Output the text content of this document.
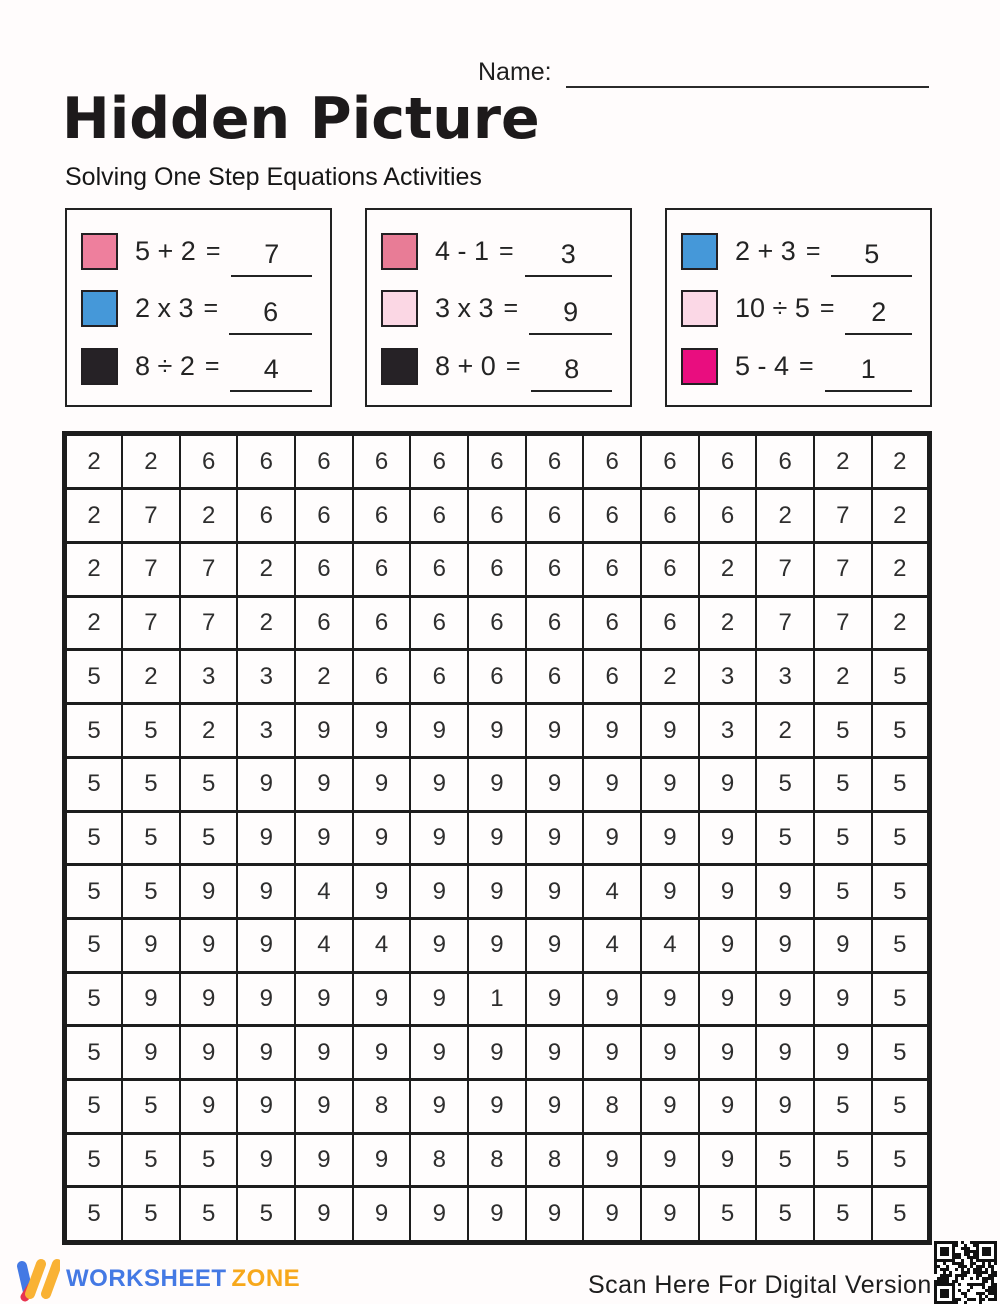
Name:
Hidden Picture
Solving One Step Equations Activities
5 + 2 =	7
2 x 3 =	6
8 ÷ 2 =	4
4 - 1 =	3
3 x 3 =	9
8 + 0 =	8
2 + 3 =	5
10 ÷ 5 =	2
5 - 4 =	1
2	2	6	6	6	6	6	6	6	6	6	6	6	2	2
2	7	2	6	6	6	6	6	6	6	6	6	2	7	2
2	7	7	2	6	6	6	6	6	6	6	2	7	7	2
2	7	7	2	6	6	6	6	6	6	6	2	7	7	2
5	2	3	3	2	6	6	6	6	6	2	3	3	2	5
5	5	2	3	9	9	9	9	9	9	9	3	2	5	5
5	5	5	9	9	9	9	9	9	9	9	9	5	5	5
5	5	5	9	9	9	9	9	9	9	9	9	5	5	5
5	5	9	9	4	9	9	9	9	4	9	9	9	5	5
5	9	9	9	4	4	9	9	9	4	4	9	9	9	5
5	9	9	9	9	9	9	1	9	9	9	9	9	9	5
5	9	9	9	9	9	9	9	9	9	9	9	9	9	5
5	5	9	9	9	8	9	9	9	8	9	9	9	5	5
5	5	5	9	9	9	8	8	8	9	9	9	5	5	5
5	5	5	5	9	9	9	9	9	9	9	5	5	5	5
WORKSHEET ZONE	Scan Here For Digital Version
